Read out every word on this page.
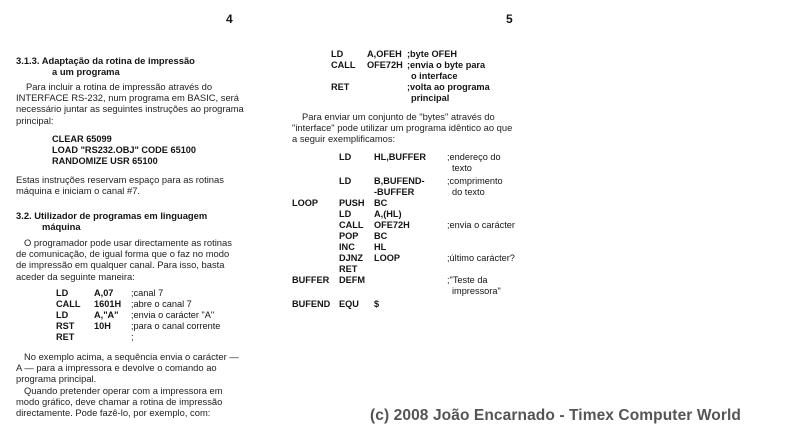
4
3.1.3. Adaptação da rotina de impressão
a um programa
Para incluir a rotina de impressão através do
INTERFACE RS-232, num programa em BASIC, será
necessário juntar as seguintes instruções ao programa
principal:
CLEAR 65099
LOAD "RS232.OBJ" CODE 65100
RANDOMIZE USR 65100
Estas instruções reservam espaço para as rotinas
máquina e iniciam o canal #7.
3.2. Utilizador de programas em linguagem
máquina
O programador pode usar directamente as rotinas
de comunicação, de igual forma que o faz no modo
de impressão em qualquer canal. Para isso, basta
aceder da seguinte maneira:
LD	A,07 ;canal 7
CALL 1601H ;abre o canal 7
LD	A,"A" ;envia o carácter "A"
RST 10H ;para o canal corrente
RET	;
No exemplo acima, a sequência envia o carácter —
A — para a impressora e devolve o comando ao
programa principal.
Quando pretender operar com a impressora em
modo gráfico, deve chamar a rotina de impressão
directamente. Pode fazê-lo, por exemplo, com:
5
LD	A,OFEH ;byte OFEH
CALL OFE72H ;envia o byte para
o interface
RET	;volta ao programa
principal
Para enviar um conjunto de "bytes" através do
"interface" pode utilizar um programa idêntico ao que
a seguir exemplificamos:
LD HL,BUFFER ;endereço do
texto
LD B,BUFEND- ;comprimento
-BUFFER	do texto
LOOP PUSH BC
LD A,(HL)
CALL OFE72H	;envia o carácter
POP BC
INC HL
DJNZ LOOP	;último carácter?
RET
BUFFER DEFM	;"Teste da
impressora"
BUFEND EQU $
(c) 2008 João Encarnado - Timex Computer World
